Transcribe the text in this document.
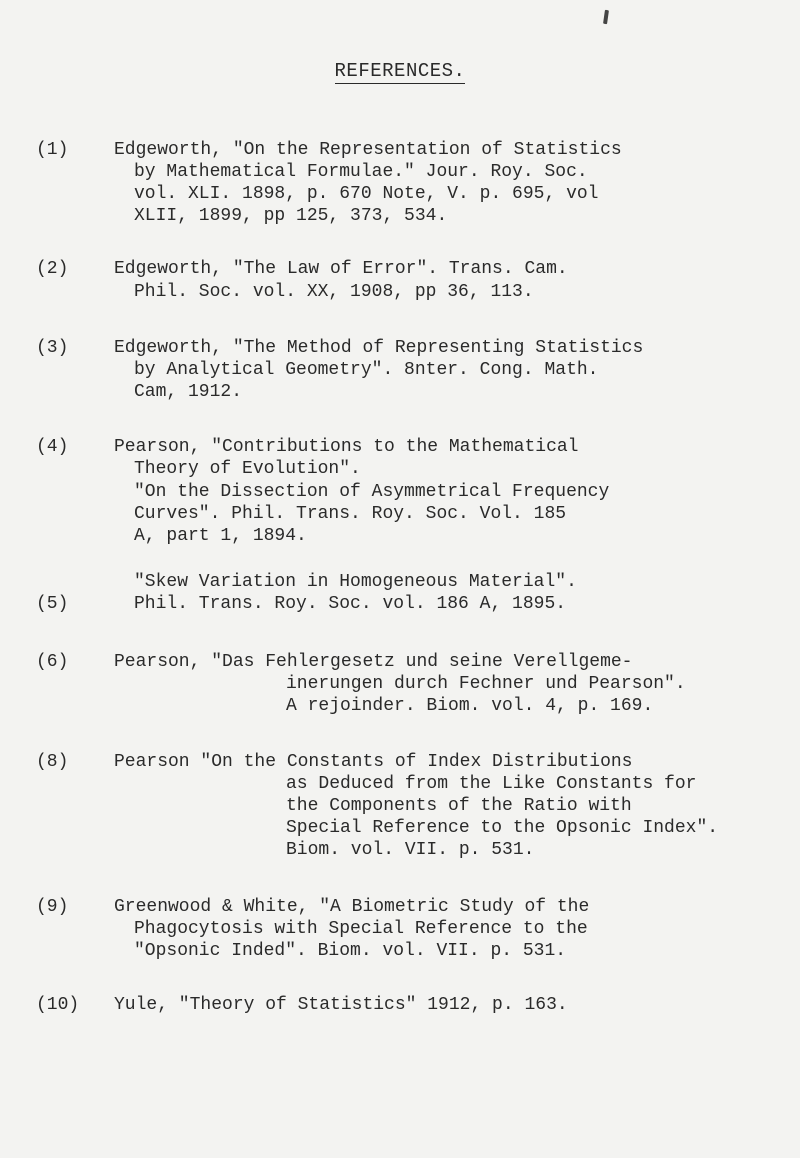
REFERENCES.
(1)	Edgeworth, "On the Representation of Statistics
by Mathematical Formulae." Jour. Roy. Soc.
vol. XLI. 1898, p. 670 Note, V. p. 695, vol
XLII, 1899, pp 125, 373, 534.
(2)	Edgeworth, "The Law of Error". Trans. Cam.
Phil. Soc. vol. XX, 1908, pp 36, 113.
(3)	Edgeworth, "The Method of Representing Statistics
by Analytical Geometry". 8nter. Cong. Math.
Cam, 1912.
(4)	Pearson, "Contributions to the Mathematical
Theory of Evolution".
"On the Dissection of Asymmetrical Frequency
Curves". Phil. Trans. Roy. Soc. Vol. 185
A, part 1, 1894.
"Skew Variation in Homogeneous Material".
(5)	Phil. Trans. Roy. Soc. vol. 186 A, 1895.
(6)	Pearson, "Das Fehlergesetz und seine Verellgeme-
inerungen durch Fechner und Pearson".
A rejoinder. Biom. vol. 4, p. 169.
(8)	Pearson "On the Constants of Index Distributions
as Deduced from the Like Constants for
the Components of the Ratio with
Special Reference to the Opsonic Index".
Biom. vol. VII. p. 531.
(9)	Greenwood & White, "A Biometric Study of the
Phagocytosis with Special Reference to the
"Opsonic Inded". Biom. vol. VII. p. 531.
(10) Yule, "Theory of Statistics" 1912, p. 163.
